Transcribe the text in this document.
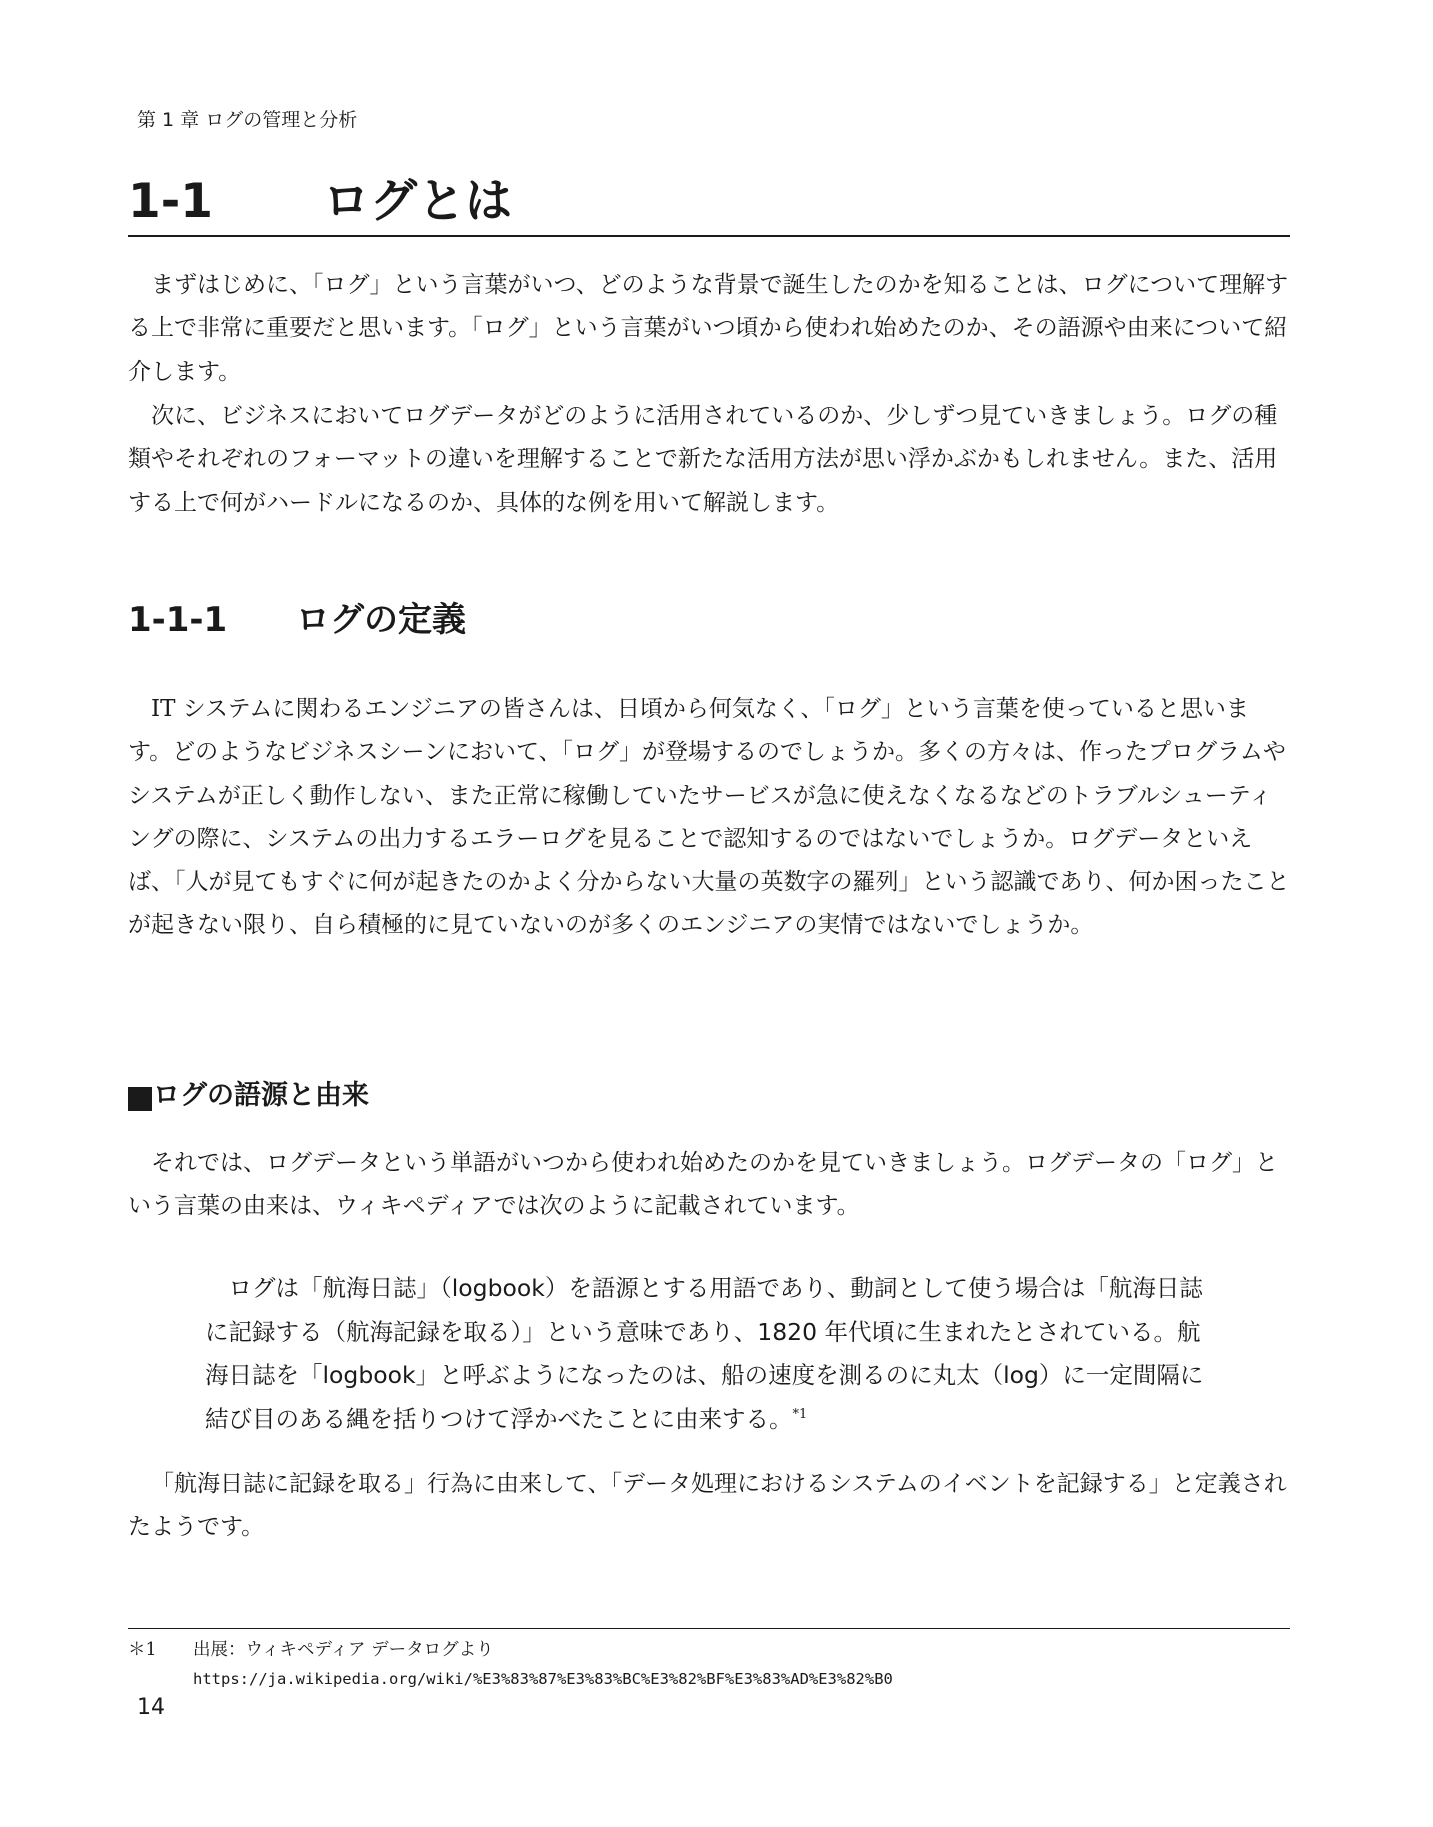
第 1 章 ログの管理と分析
1-1 ログとは

まずはじめに、「ログ」という言葉がいつ、どのような背景で誕生したのかを知ることは、ログについて理解する上で非常に重要だと思います。「ログ」という言葉がいつ頃から使われ始めたのか、その語源や由来について紹介します。

次に、ビジネスにおいてログデータがどのように活用されているのか、少しずつ見ていきましょう。ログの種類やそれぞれのフォーマットの違いを理解することで新たな活用方法が思い浮かぶかもしれません。また、活用する上で何がハードルになるのか、具体的な例を用いて解説します。

1-1-1 ログの定義

IT システムに関わるエンジニアの皆さんは、日頃から何気なく、「ログ」という言葉を使っていると思います。どのようなビジネスシーンにおいて、「ログ」が登場するのでしょうか。多くの方々は、作ったプログラムやシステムが正しく動作しない、また正常に稼働していたサービスが急に使えなくなるなどのトラブルシューティングの際に、システムの出力するエラーログを見ることで認知するのではないでしょうか。ログデータといえば、「人が見てもすぐに何が起きたのかよく分からない大量の英数字の羅列」という認識であり、何か困ったことが起きない限り、自ら積極的に見ていないのが多くのエンジニアの実情ではないでしょうか。

ログの語源と由来

それでは、ログデータという単語がいつから使われ始めたのかを見ていきましょう。ログデータの「ログ」という言葉の由来は、ウィキペディアでは次のように記載されています。

ログは「航海日誌」（logbook）を語源とする用語であり、動詞として使う場合は「航海日誌に記録する（航海記録を取る）」という意味であり、1820 年代頃に生まれたとされている。航海日誌を「logbook」と呼ぶようになったのは、船の速度を測るのに丸太（log）に一定間隔に結び目のある縄を括りつけて浮かべたことに由来する。$^{*1}$

「航海日誌に記録を取る」行為に由来して、「データ処理におけるシステムのイベントを記録する」と定義されたようです。

＊1 出展：ウィキペディア データログより
https://ja.wikipedia.org/wiki/%E3%83%87%E3%83%BC%E3%82%BF%E3%83%AD%E3%82%B0
14
